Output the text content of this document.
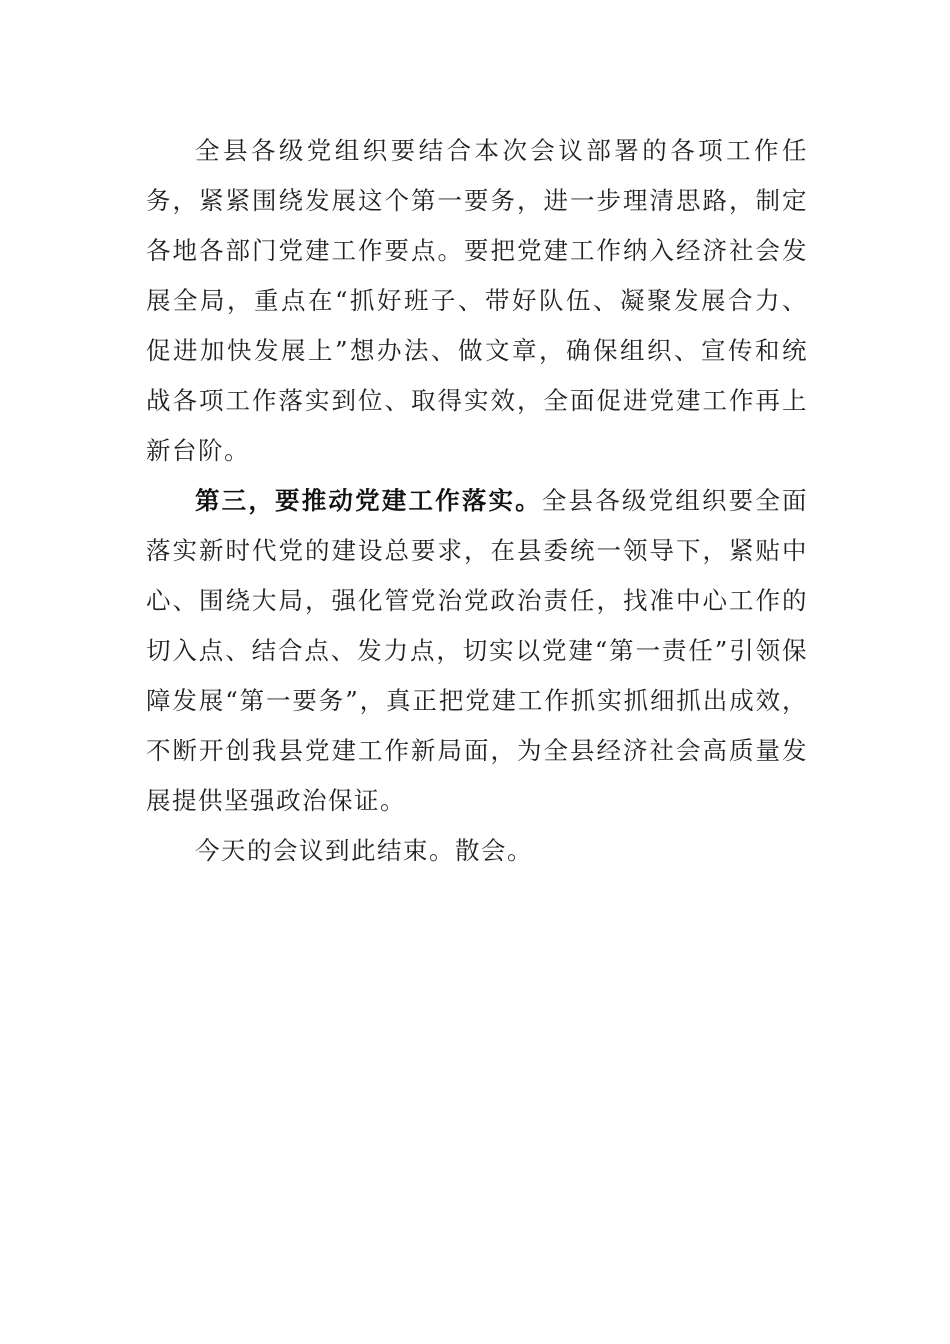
全县各级党组织要结合本次会议部署的各项工作任务，紧紧围绕发展这个第一要务，进一步理清思路，制定各地各部门党建工作要点。要把党建工作纳入经济社会发展全局，重点在“抓好班子、带好队伍、凝聚发展合力、促进加快发展上”想办法、做文章，确保组织、宣传和统战各项工作落实到位、取得实效，全面促进党建工作再上新台阶。

第三，要推动党建工作落实。全县各级党组织要全面落实新时代党的建设总要求，在县委统一领导下，紧贴中心、围绕大局，强化管党治党政治责任，找准中心工作的切入点、结合点、发力点，切实以党建“第一责任”引领保障发展“第一要务”，真正把党建工作抓实抓细抓出成效，不断开创我县党建工作新局面，为全县经济社会高质量发展提供坚强政治保证。

今天的会议到此结束。散会。
